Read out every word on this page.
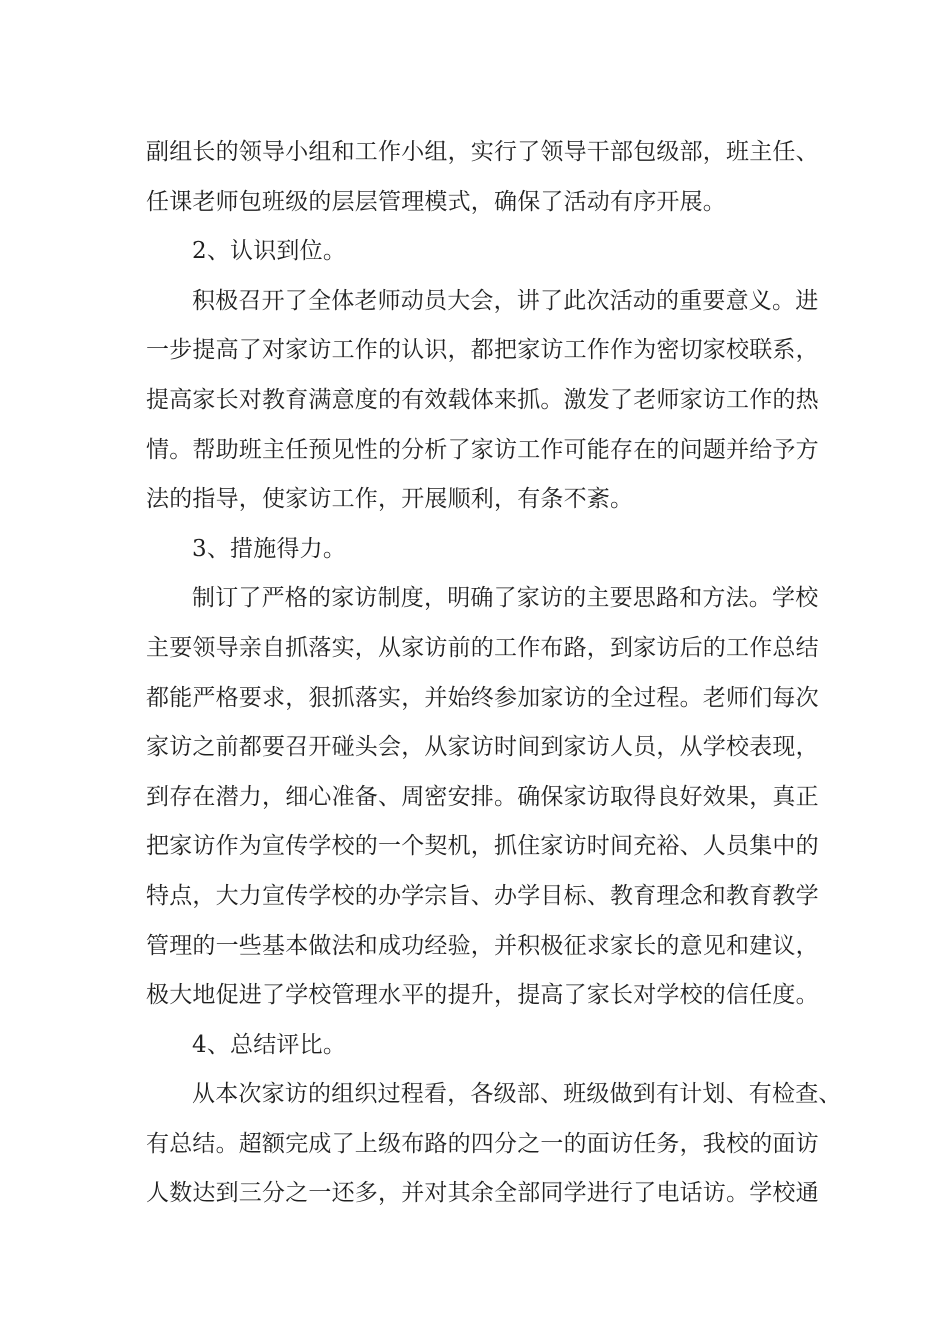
副组长的领导小组和工作小组，实行了领导干部包级部，班主任、
任课老师包班级的层层管理模式，确保了活动有序开展。
2、认识到位。
积极召开了全体老师动员大会，讲了此次活动的重要意义。进
一步提高了对家访工作的认识，都把家访工作作为密切家校联系，
提高家长对教育满意度的有效载体来抓。激发了老师家访工作的热
情。帮助班主任预见性的分析了家访工作可能存在的问题并给予方
法的指导，使家访工作，开展顺利，有条不紊。
3、措施得力。
制订了严格的家访制度，明确了家访的主要思路和方法。学校
主要领导亲自抓落实，从家访前的工作布路，到家访后的工作总结
都能严格要求，狠抓落实，并始终参加家访的全过程。老师们每次
家访之前都要召开碰头会，从家访时间到家访人员，从学校表现，
到存在潜力，细心准备、周密安排。确保家访取得良好效果，真正
把家访作为宣传学校的一个契机，抓住家访时间充裕、人员集中的
特点，大力宣传学校的办学宗旨、办学目标、教育理念和教育教学
管理的一些基本做法和成功经验，并积极征求家长的意见和建议，
极大地促进了学校管理水平的提升，提高了家长对学校的信任度。
4、总结评比。
从本次家访的组织过程看，各级部、班级做到有计划、有检查、
有总结。超额完成了上级布路的四分之一的面访任务，我校的面访
人数达到三分之一还多，并对其余全部同学进行了电话访。学校通
